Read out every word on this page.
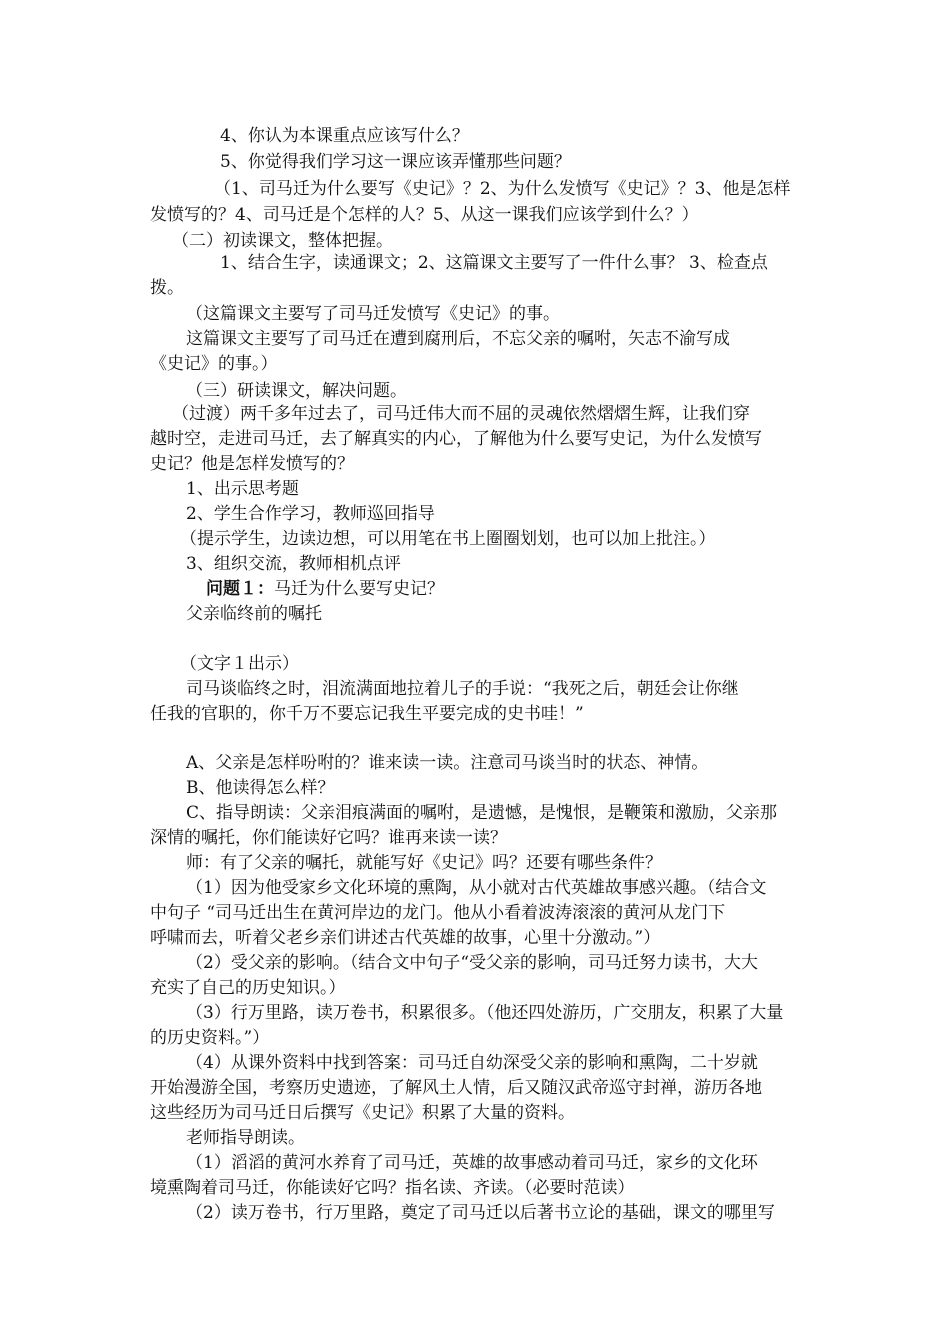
4、你认为本课重点应该写什么？
5、你觉得我们学习这一课应该弄懂那些问题？
（1、司马迁为什么要写《史记》？2、为什么发愤写《史记》？3、他是怎样
发愤写的？4、司马迁是个怎样的人？5、从这一课我们应该学到什么？）
（二）初读课文，整体把握。
1、结合生字，读通课文；2、这篇课文主要写了一件什么事？ 3、检查点
拨。
（这篇课文主要写了司马迁发愤写《史记》的事。
这篇课文主要写了司马迁在遭到腐刑后，不忘父亲的嘱咐，矢志不渝写成
《史记》的事。）
（三）研读课文，解决问题。
（过渡）两千多年过去了，司马迁伟大而不屈的灵魂依然熠熠生辉，让我们穿
越时空，走进司马迁，去了解真实的内心，了解他为什么要写史记，为什么发愤写
史记？他是怎样发愤写的？
1、出示思考题
2、学生合作学习，教师巡回指导
（提示学生，边读边想，可以用笔在书上圈圈划划，也可以加上批注。）
3、组织交流，教师相机点评
问题１：马迁为什么要写史记？
父亲临终前的嘱托
（文字１出示）
司马谈临终之时，泪流满面地拉着儿子的手说：“我死之后，朝廷会让你继
任我的官职的，你千万不要忘记我生平要完成的史书哇！”
A、父亲是怎样吩咐的？谁来读一读。注意司马谈当时的状态、神情。
B、他读得怎么样？
C、指导朗读：父亲泪痕满面的嘱咐，是遗憾，是愧恨，是鞭策和激励，父亲那
深情的嘱托，你们能读好它吗？谁再来读一读？
师：有了父亲的嘱托，就能写好《史记》吗？还要有哪些条件？
（1）因为他受家乡文化环境的熏陶，从小就对古代英雄故事感兴趣。（结合文
中句子 “司马迁出生在黄河岸边的龙门。他从小看着波涛滚滚的黄河从龙门下
呼啸而去，听着父老乡亲们讲述古代英雄的故事，心里十分激动。”）
（2）受父亲的影响。（结合文中句子“受父亲的影响，司马迁努力读书，大大
充实了自己的历史知识。）
（3）行万里路，读万卷书，积累很多。（他还四处游历，广交朋友，积累了大量
的历史资料。”）
（4）从课外资料中找到答案：司马迁自幼深受父亲的影响和熏陶，二十岁就
开始漫游全国，考察历史遗迹，了解风土人情，后又随汉武帝巡守封禅，游历各地
这些经历为司马迁日后撰写《史记》积累了大量的资料。
老师指导朗读。
（1）滔滔的黄河水养育了司马迁，英雄的故事感动着司马迁，家乡的文化环
境熏陶着司马迁，你能读好它吗？指名读、齐读。（必要时范读）
（2）读万卷书，行万里路，奠定了司马迁以后著书立论的基础，课文的哪里写
